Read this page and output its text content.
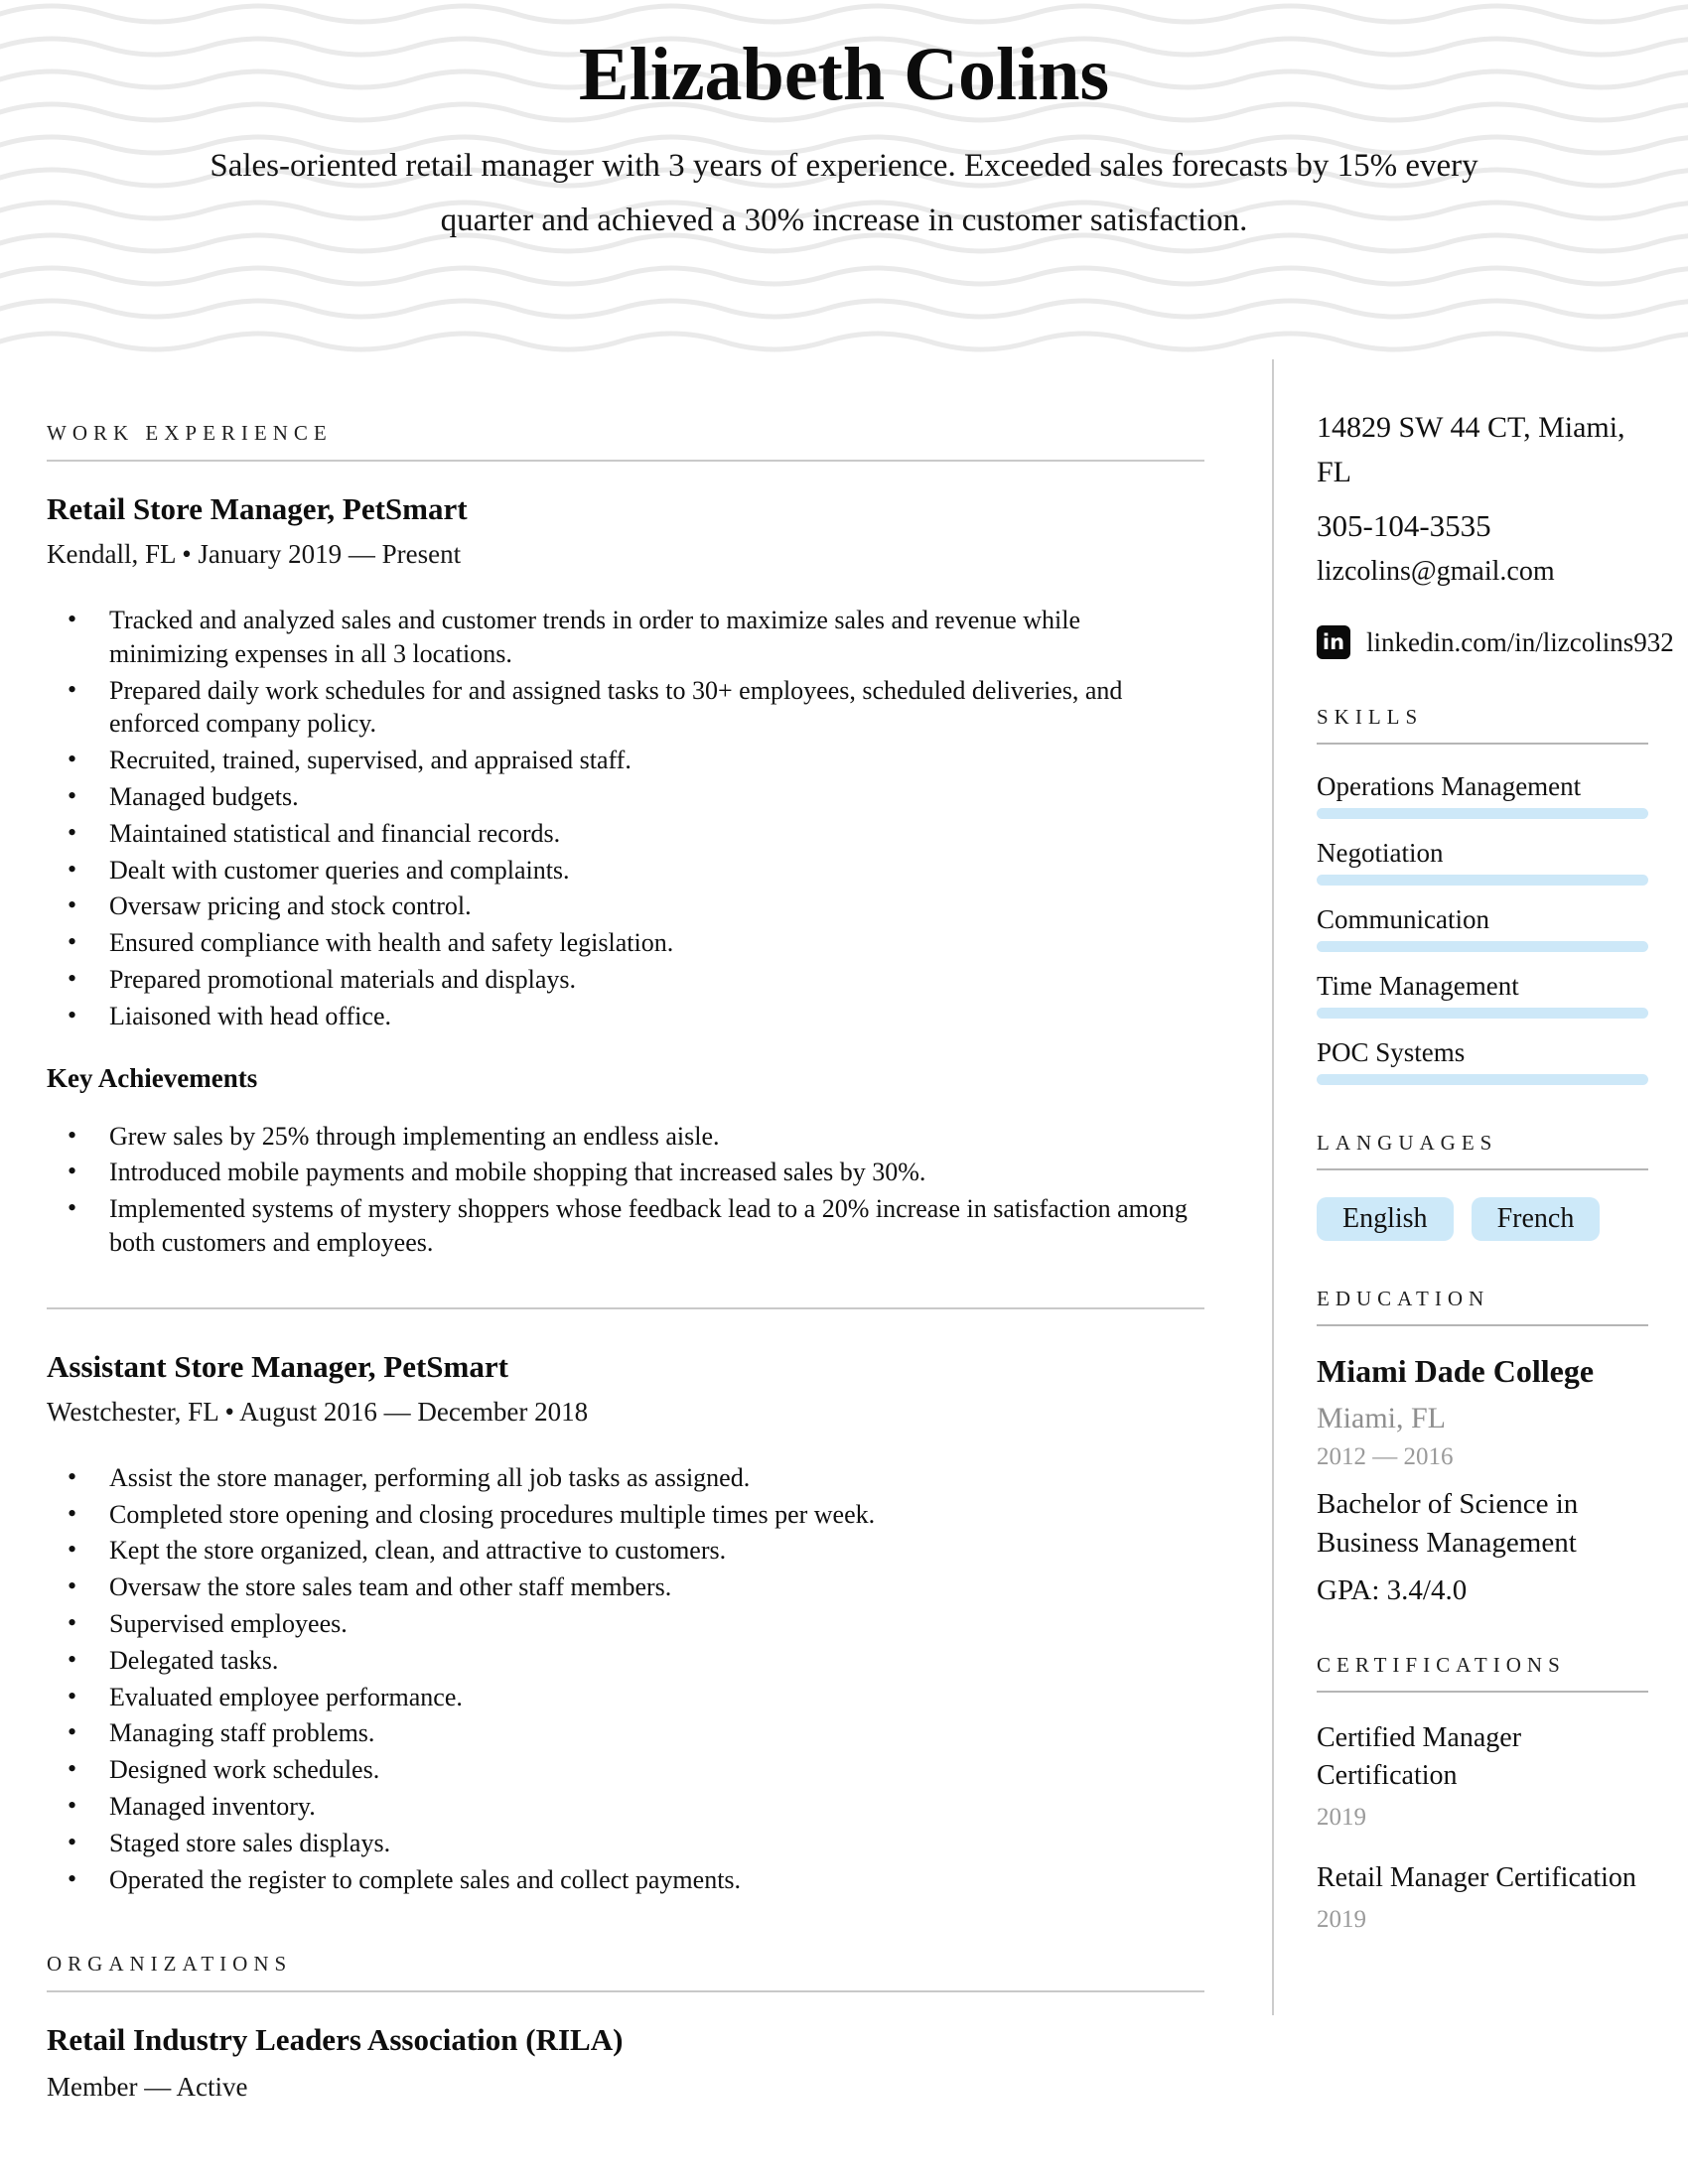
Elizabeth Colins

Sales-oriented retail manager with 3 years of experience. Exceeded sales forecasts by 15% every quarter and achieved a 30% increase in customer satisfaction.

WORK EXPERIENCE
Retail Store Manager, PetSmart

Kendall, FL • January 2019 — Present

• Tracked and analyzed sales and customer trends in order to maximize sales and revenue while minimizing expenses in all 3 locations.
• Prepared daily work schedules for and assigned tasks to 30+ employees, scheduled deliveries, and enforced company policy.
• Recruited, trained, supervised, and appraised staff.
• Managed budgets.
• Maintained statistical and financial records.
• Dealt with customer queries and complaints.
• Oversaw pricing and stock control.
• Ensured compliance with health and safety legislation.
• Prepared promotional materials and displays.
• Liaisoned with head office.
Key Achievements
• Grew sales by 25% through implementing an endless aisle.
• Introduced mobile payments and mobile shopping that increased sales by 30%.
• Implemented systems of mystery shoppers whose feedback lead to a 20% increase in satisfaction among both customers and employees.
Assistant Store Manager, PetSmart

Westchester, FL • August 2016 — December 2018

• Assist the store manager, performing all job tasks as assigned.
• Completed store opening and closing procedures multiple times per week.
• Kept the store organized, clean, and attractive to customers.
• Oversaw the store sales team and other staff members.
• Supervised employees.
• Delegated tasks.
• Evaluated employee performance.
• Managing staff problems.
• Designed work schedules.
• Managed inventory.
• Staged store sales displays.
• Operated the register to complete sales and collect payments.
ORGANIZATIONS
Retail Industry Leaders Association (RILA)

Member — Active

14829 SW 44 CT, Miami, FL

305-104-3535

lizcolins@gmail.com

in linkedin.com/in/lizcolins932
SKILLS
Operations Management
Negotiation
Communication
Time Management
POC Systems
LANGUAGES
English	French
EDUCATION
Miami Dade College

Miami, FL

2012 — 2016

Bachelor of Science in Business Management

GPA: 3.4/4.0

CERTIFICATIONS
Certified Manager Certification
2019
Retail Manager Certification
2019
